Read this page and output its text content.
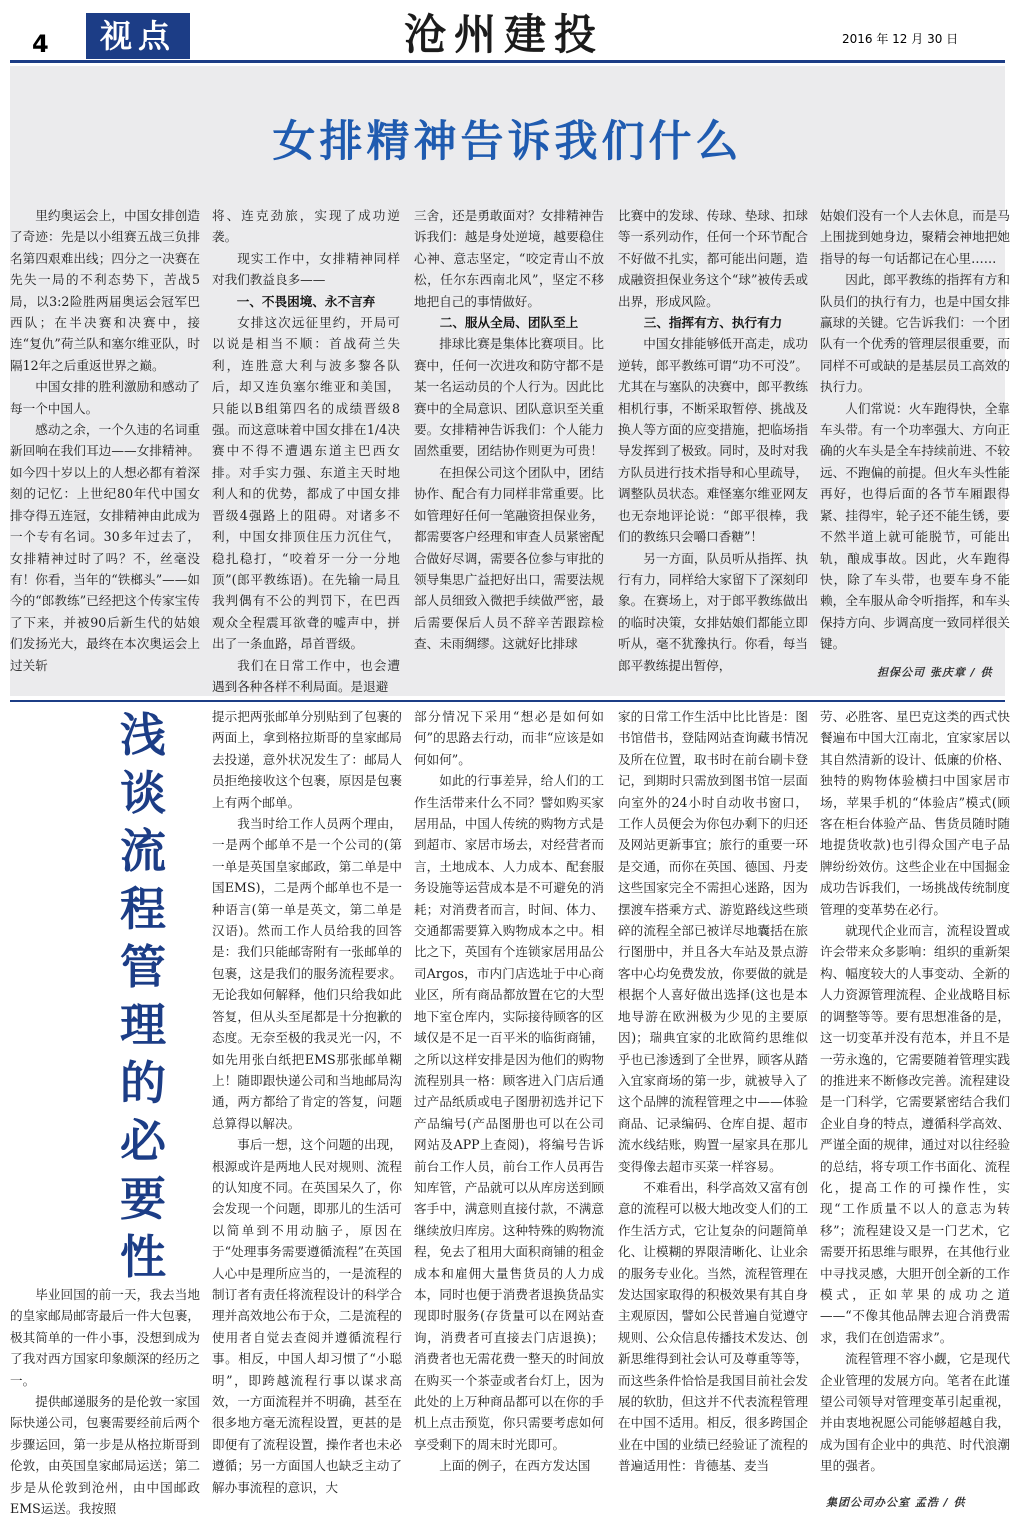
4	视点	沧州建投	2016 年 12 月 30 日
女排精神告诉我们什么

里约奥运会上，中国女排创造了奇迹：先是以小组赛五战三负排名第四艰难出线；四分之一决赛在先失一局的不利态势下，苦战5局，以3:2险胜两届奥运会冠军巴西队；在半决赛和决赛中，接连“复仇”荷兰队和塞尔维亚队，时隔12年之后重返世界之巅。

中国女排的胜利激励和感动了每一个中国人。

感动之余，一个久违的名词重新回响在我们耳边——女排精神。如今四十岁以上的人想必都有着深刻的记忆：上世纪80年代中国女排夺得五连冠，女排精神由此成为一个专有名词。30多年过去了，女排精神过时了吗？不，丝毫没有！你看，当年的“铁榔头”——如今的“郎教练”已经把这个传家宝传了下来，并被90后新生代的姑娘们发扬光大，最终在本次奥运会上过关斩

将、连克劲旅，实现了成功逆袭。

现实工作中，女排精神同样对我们教益良多——

一、不畏困境、永不言弃

女排这次远征里约，开局可以说是相当不顺：首战荷兰失利，连胜意大利与波多黎各队后，却又连负塞尔维亚和美国，只能以B组第四名的成绩晋级8强。而这意味着中国女排在1/4决赛中不得不遭遇东道主巴西女排。对手实力强、东道主天时地利人和的优势，都成了中国女排晋级4强路上的阻碍。对诸多不利，中国女排顶住压力沉住气，稳扎稳打，“咬着牙一分一分地顶”(郎平教练语)。在先输一局且我判偶有不公的判罚下，在巴西观众全程震耳欲聋的嘘声中，拼出了一条血路，昂首晋级。

我们在日常工作中，也会遭遇到各种各样不利局面。是退避

三舍，还是勇敢面对？女排精神告诉我们：越是身处逆境，越要稳住心神、意志坚定，“咬定青山不放松，任尔东西南北风”，坚定不移地把自己的事情做好。

二、服从全局、团队至上

排球比赛是集体比赛项目。比赛中，任何一次进攻和防守都不是某一名运动员的个人行为。因此比赛中的全局意识、团队意识至关重要。女排精神告诉我们：个人能力固然重要，团结协作则更为可贵！

在担保公司这个团队中，团结协作、配合有力同样非常重要。比如管理好任何一笔融资担保业务，都需要客户经理和审查人员紧密配合做好尽调，需要各位参与审批的领导集思广益把好出口，需要法规部人员细致入微把手续做严密，最后需要保后人员不辞辛苦跟踪检查、未雨绸缪。这就好比排球

比赛中的发球、传球、垫球、扣球等一系列动作，任何一个环节配合不好做不扎实，都可能出问题，造成融资担保业务这个“球”被传丢或出界，形成风险。

三、指挥有方、执行有力

中国女排能够低开高走，成功逆转，郎平教练可谓“功不可没”。尤其在与塞队的决赛中，郎平教练相机行事，不断采取暂停、挑战及换人等方面的应变措施，把临场指导发挥到了极致。同时，及时对我方队员进行技术指导和心里疏导，调整队员状态。难怪塞尔维亚网友也无奈地评论说：“郎平很棒，我们的教练只会嚼口香糖”！

另一方面，队员听从指挥、执行有力，同样给大家留下了深刻印象。在赛场上，对于郎平教练做出的临时决策，女排姑娘们都能立即听从，毫不犹豫执行。你看，每当郎平教练提出暂停，

姑娘们没有一个人去休息，而是马上围拢到她身边，聚精会神地把她指导的每一句话都记在心里……

因此，郎平教练的指挥有方和队员们的执行有力，也是中国女排赢球的关键。它告诉我们：一个团队有一个优秀的管理层很重要，而同样不可或缺的是基层员工高效的执行力。

人们常说：火车跑得快，全靠车头带。有一个功率强大、方向正确的火车头是全车持续前进、不较远、不跑偏的前提。但火车头性能再好，也得后面的各节车厢跟得紧、挂得牢，轮子还不能生锈，要不然半道上就可能脱节，可能出轨，酿成事故。因此，火车跑得快，除了车头带，也要车身不能赖，全车服从命令听指挥，和车头保持方向、步调高度一致同样很关键。

担保公司 张庆章 / 供
浅
谈
流
程
管
理
的
必
要
性

毕业回国的前一天，我去当地的皇家邮局邮寄最后一件大包裹，极其简单的一件小事，没想到成为了我对西方国家印象颇深的经历之一。

提供邮递服务的是伦敦一家国际快递公司，包裹需要经前后两个步骤运回，第一步是从格拉斯哥到伦敦，由英国皇家邮局运送；第二步是从伦敦到沧州，由中国邮政EMS运送。我按照

提示把两张邮单分别贴到了包裹的两面上，拿到格拉斯哥的皇家邮局去投递，意外状况发生了：邮局人员拒绝接收这个包裹，原因是包裹上有两个邮单。

我当时给工作人员两个理由，一是两个邮单不是一个公司的(第一单是英国皇家邮政，第二单是中国EMS)，二是两个邮单也不是一种语言(第一单是英文，第二单是汉语)。然而工作人员给我的回答是：我们只能邮寄附有一张邮单的包裹，这是我们的服务流程要求。无论我如何解释，他们只给我如此答复，但从头至尾都是十分抱歉的态度。无奈至极的我灵光一闪，不如先用张白纸把EMS那张邮单糊上！随即跟快递公司和当地邮局沟通，两方都给了肯定的答复，问题总算得以解决。

事后一想，这个问题的出现，根源或许是两地人民对规则、流程的认知度不同。在英国呆久了，你会发现一个问题，即那儿的生活可以简单到不用动脑子，原因在于“处理事务需要遵循流程”在英国人心中是理所应当的，一是流程的制订者有责任将流程设计的科学合理并高效地公布于众，二是流程的使用者自觉去查阅并遵循流程行事。相反，中国人却习惯了“小聪明”，即跨越流程行事以谋求高效，一方面流程并不明确，甚至在很多地方毫无流程设置，更甚的是即便有了流程设置，操作者也未必遵循；另一方面国人也缺乏主动了解办事流程的意识，大

部分情况下采用“想必是如何如何”的思路去行动，而非“应该是如何如何”。

如此的行事差异，给人们的工作生活带来什么不同？譬如购买家居用品，中国人传统的购物方式是到超市、家居市场去，对经营者而言，土地成本、人力成本、配套服务设施等运营成本是不可避免的消耗；对消费者而言，时间、体力、交通都需要算入购物成本之中。相比之下，英国有个连锁家居用品公司Argos，市内门店选址于中心商业区，所有商品都放置在它的大型地下室仓库内，实际接待顾客的区域仅是不足一百平米的临街商铺，之所以这样安排是因为他们的购物流程别具一格：顾客进入门店后通过产品纸质或电子图册初选并记下产品编号(产品图册也可以在公司网站及APP上查阅)，将编号告诉前台工作人员，前台工作人员再告知库管，产品就可以从库房送到顾客手中，满意则直接付款，不满意继续放归库房。这种特殊的购物流程，免去了租用大面积商铺的租金成本和雇佣大量售货员的人力成本，同时也便于消费者退换货品实现即时服务(存货量可以在网站查询，消费者可直接去门店退换)；消费者也无需花费一整天的时间放在购买一个茶壶或者台灯上，因为此处的上万种商品都可以在你的手机上点击预览，你只需要考虑如何享受剩下的周末时光即可。

上面的例子，在西方发达国

家的日常工作生活中比比皆是：图书馆借书，登陆网站查询藏书情况及所在位置，取书时在前台刷卡登记，到期时只需放到图书馆一层面向室外的24小时自动收书窗口，工作人员便会为你包办剩下的归还及网站更新事宜；旅行的重要一环是交通，而你在英国、德国、丹麦这些国家完全不需担心迷路，因为摆渡车搭乘方式、游览路线这些琐碎的流程全部已被详尽地囊括在旅行图册中，并且各大车站及景点游客中心均免费发放，你要做的就是根据个人喜好做出选择(这也是本地导游在欧洲极为少见的主要原因)；瑞典宜家的北欧简约思维似乎也已渗透到了全世界，顾客从踏入宜家商场的第一步，就被导入了这个品牌的流程管理之中——体验商品、记录编码、仓库自提、超市流水线结账，购置一屋家具在那儿变得像去超市买菜一样容易。

不难看出，科学高效又富有创意的流程可以极大地改变人们的工作生活方式，它让复杂的问题简单化、让模糊的界限清晰化、让业余的服务专业化。当然，流程管理在发达国家取得的积极效果有其自身主观原因，譬如公民普遍自觉遵守规则、公众信息传播技术发达、创新思维得到社会认可及尊重等等，而这些条件恰恰是我国目前社会发展的软肋，但这并不代表流程管理在中国不适用。相反，很多跨国企业在中国的业绩已经验证了流程的普遍适用性：肯德基、麦当

劳、必胜客、星巴克这类的西式快餐遍布中国大江南北，宜家家居以其自然清新的设计、低廉的价格、独特的购物体验横扫中国家居市场，苹果手机的“体验店”模式(顾客在柜台体验产品、售货员随时随地提货收款)也引得众国产电子品牌纷纷效仿。这些企业在中国掘金成功告诉我们，一场挑战传统制度管理的变革势在必行。

就现代企业而言，流程设置或许会带来众多影响：组织的重新架构、幅度较大的人事变动、全新的人力资源管理流程、企业战略目标的调整等等。要有思想准备的是，这一切变革并没有范本，并且不是一劳永逸的，它需要随着管理实践的推进来不断修改完善。流程建设是一门科学，它需要紧密结合我们企业自身的特点，遵循科学高效、严谨全面的规律，通过对以往经验的总结，将专项工作书面化、流程化，提高工作的可操作性，实现“工作质量不以人的意志为转移”；流程建设又是一门艺术，它需要开拓思维与眼界，在其他行业中寻找灵感，大胆开创全新的工作模式，正如苹果的成功之道——“不像其他品牌去迎合消费需求，我们在创造需求”。

流程管理不容小觑，它是现代企业管理的发展方向。笔者在此谨望公司领导对管理变革引起重视，并由衷地祝愿公司能够超越自我，成为国有企业中的典范、时代浪潮里的强者。

集团公司办公室 孟浩 / 供
